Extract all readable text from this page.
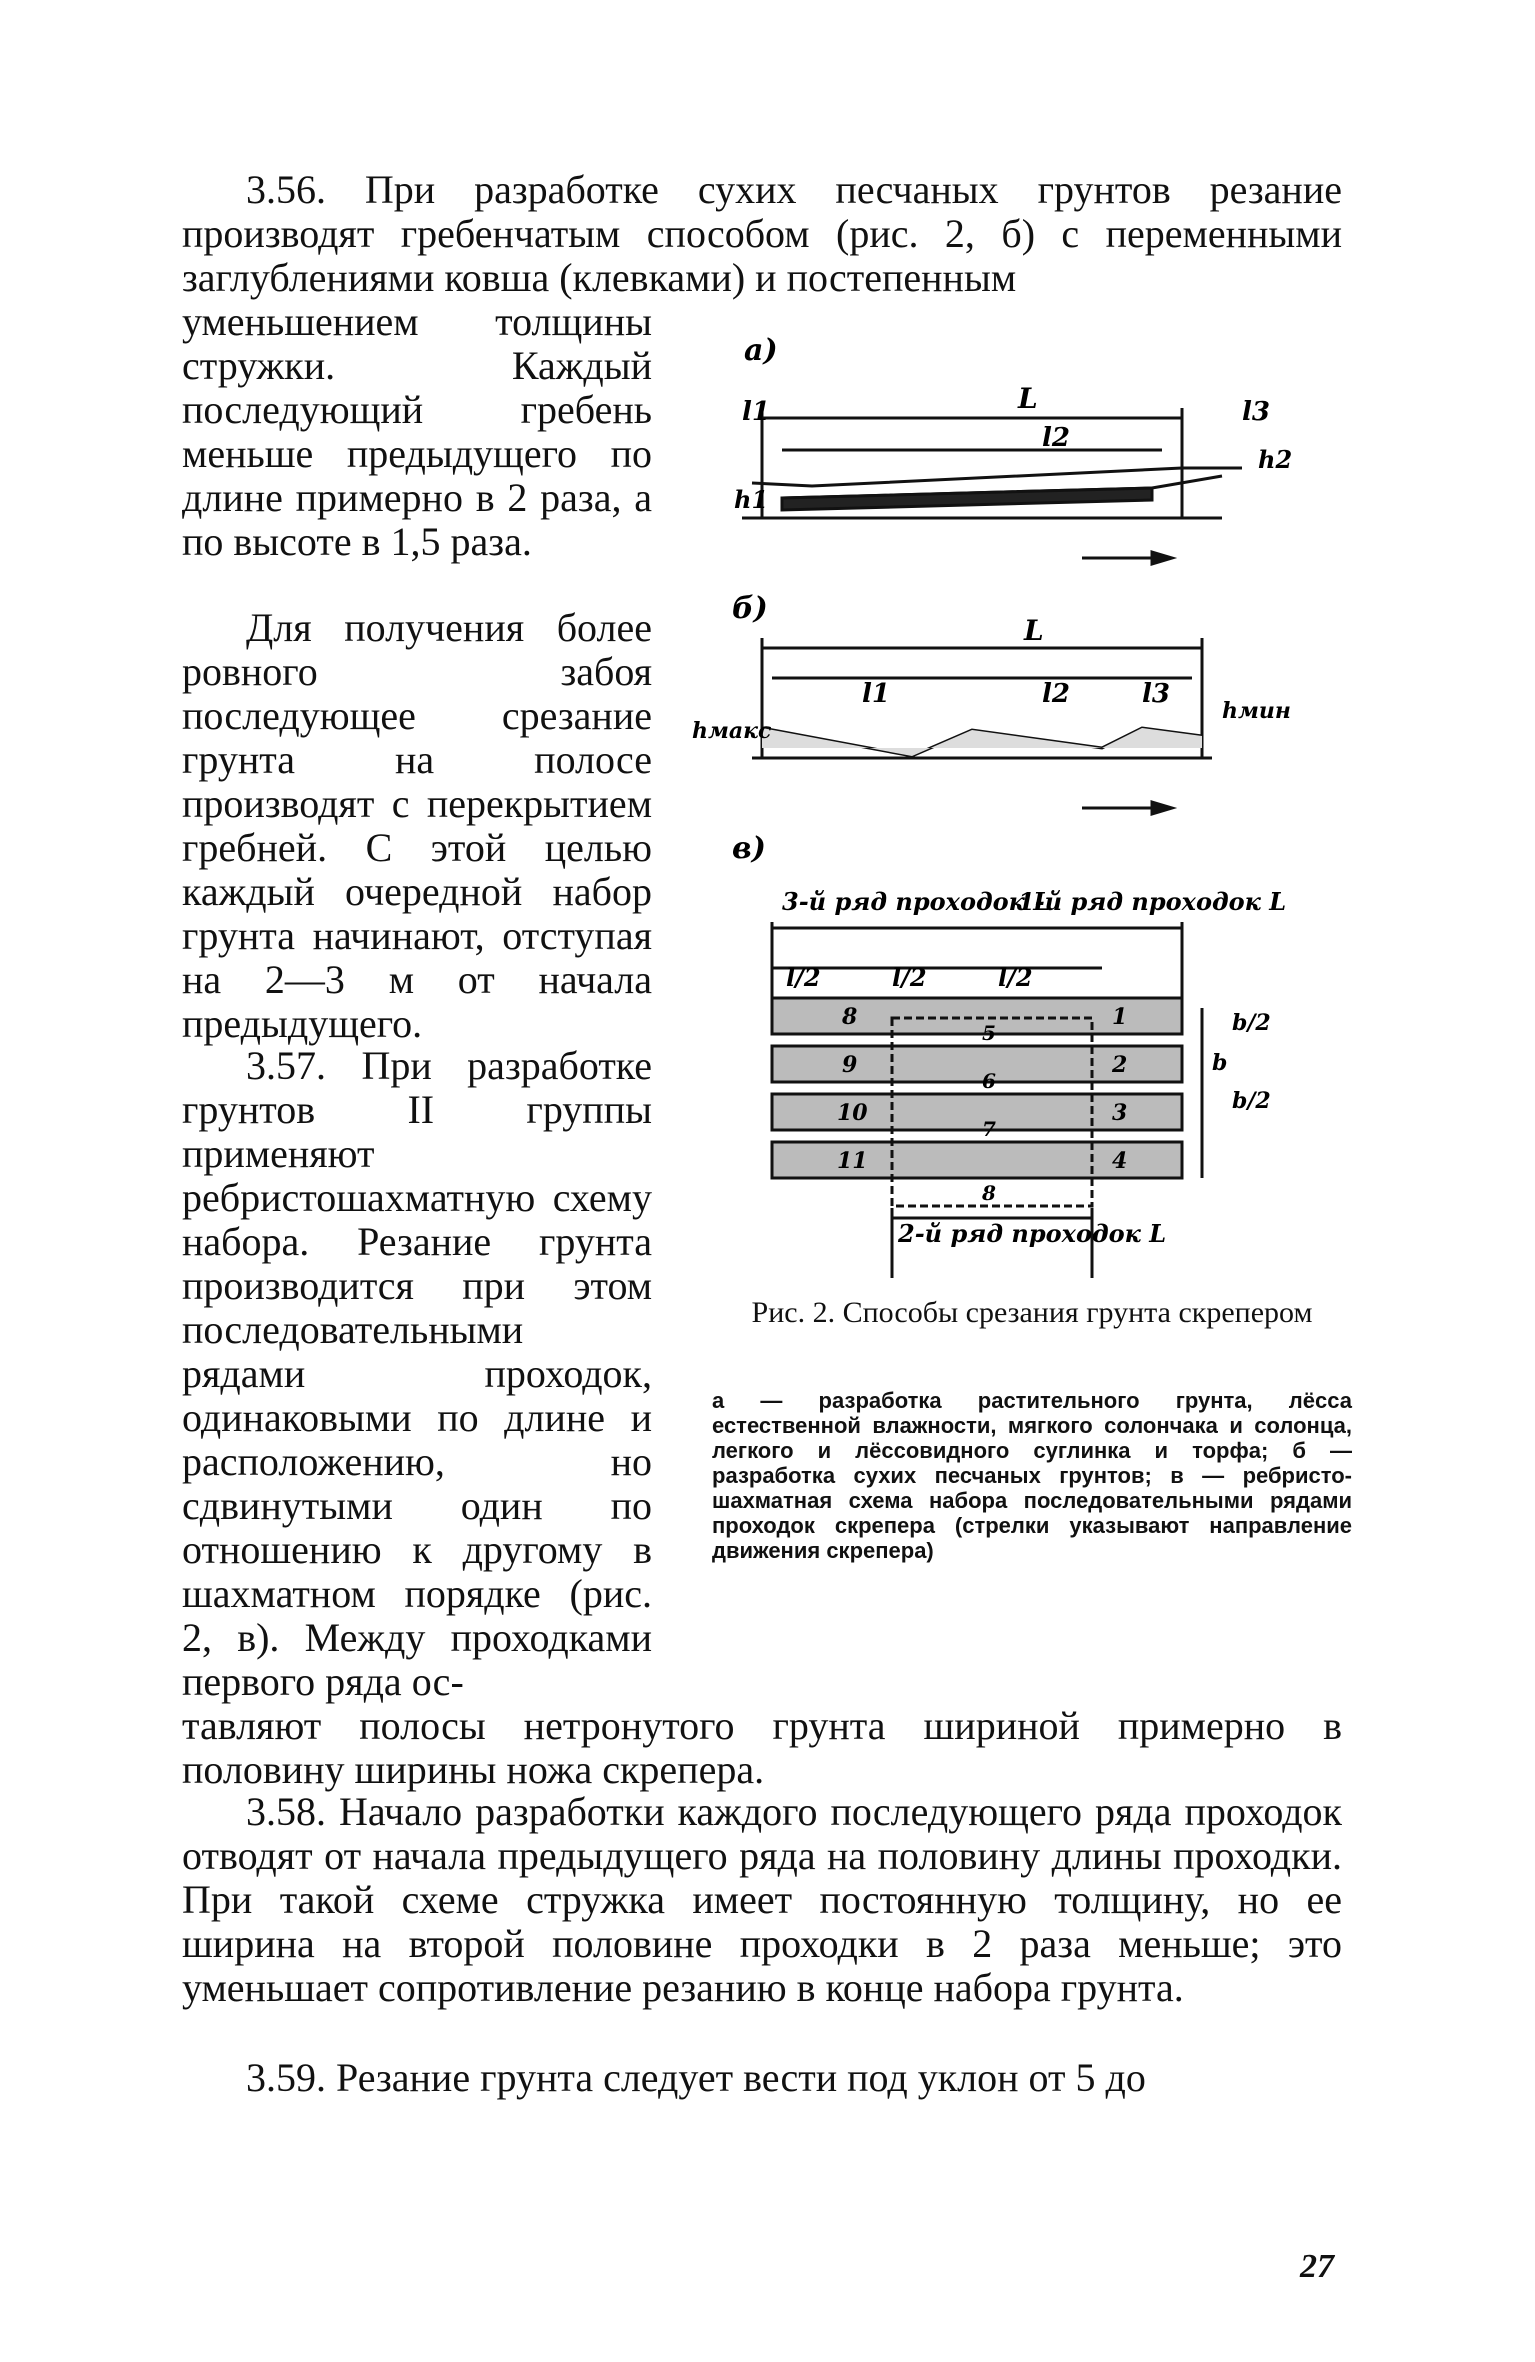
3.56. При разработке сухих песчаных грунтов резание производят гребенчатым способом (рис. 2, б) с переменными заглублениями ковша (клевками) и постепенным

уменьшением толщины стружки. Каждый последующий гребень меньше предыдущего по длине примерно в 2 раза, а по высоте в 1,5 раза.

Для получения более ровного забоя последующее срезание грунта на полосе производят с перекрытием гребней. С этой целью каждый очередной набор грунта начинают, отступая на 2—3 м от начала предыдущего.

3.57. При разработке грунтов II группы применяют ребристошахматную схему набора. Резание грунта производится при этом последовательными рядами проходок, одинаковыми по длине и расположению, но сдвинутыми один по отношению к другому в шахматном порядке (рис. 2, в). Между проходками первого ряда ос-

тавляют полосы нетронутого грунта шириной примерно в половину ширины ножа скрепера.

3.58. Начало разработки каждого последующего ряда проходок отводят от начала предыдущего ряда на половину длины проходки. При такой схеме стружка имеет постоянную толщину, но ее ширина на второй половине проходки в 2 раза меньше; это уменьшает сопротивление резанию в конце набора грунта.

3.59. Резание грунта следует вести под уклон от 5 до

а)
l1	L
l2
l3
h1
h2
б)
L
l1	l2	l3
hмакс
hмин
в)
3-й ряд проходок L
1-й ряд проходок L
l/2	l/2	l/2
2-й ряд проходок L
b/2
b/2
b
8
9
10
11
1
2
3
4
5
6
7
8
Рис. 2. Способы срезания грунта скрепером
а — разработка растительного грунта, лёсса естественной влажности, мягкого солончака и солонца, легкого и лёссовидного суглинка и торфа; б — разработка сухих песчаных грунтов; в — ребристо-шахматная схема набора последовательными рядами проходок скрепера (стрелки указывают направление движения скрепера)
27
